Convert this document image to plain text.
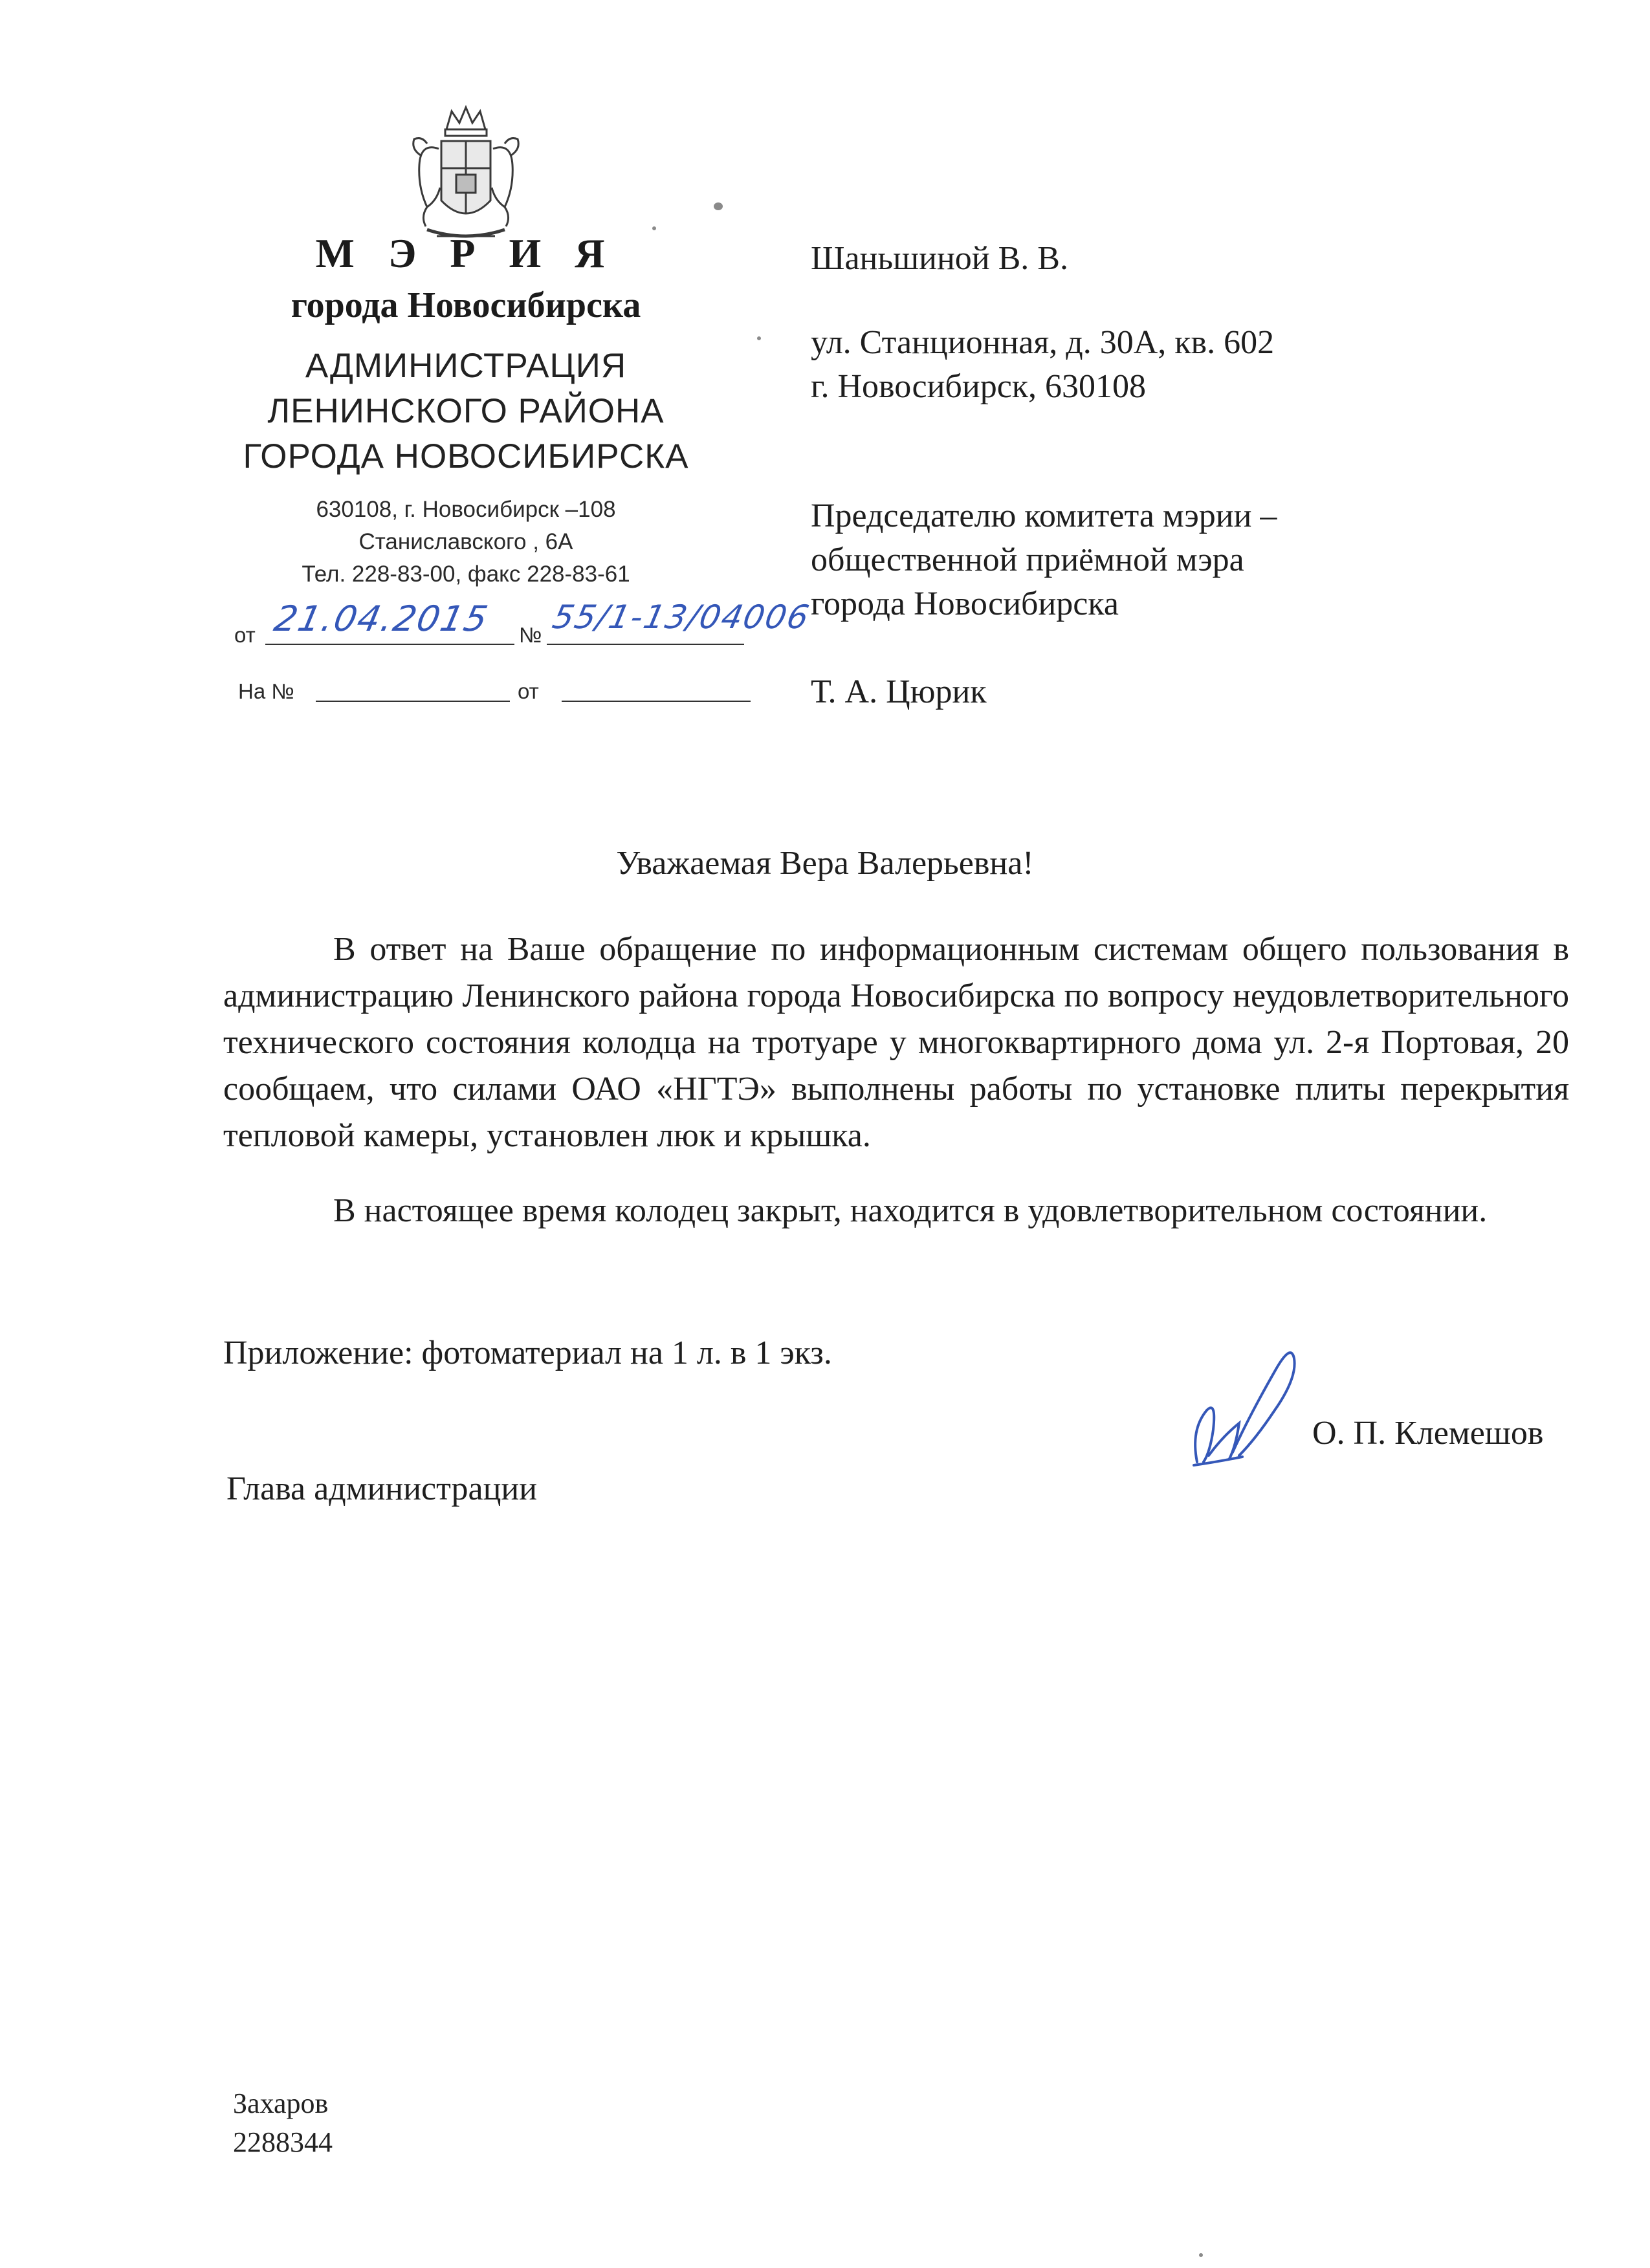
М Э Р И Я
города Новосибирска
АДМИНИСТРАЦИЯ
ЛЕНИНСКОГО РАЙОНА
ГОРОДА НОВОСИБИРСКА
630108, г. Новосибирск –108
Станиславского , 6А
Тел. 228-83-00, факс 228-83-61
от 21.04.2015 № 55/1-13/04006
На №	от
Шаньшиной В. В.
ул. Станционная, д. 30А, кв. 602
г. Новосибирск, 630108
Председателю комитета мэрии –
общественной приёмной мэра
города Новосибирска
Т. А. Цюрик
Уважаемая Вера Валерьевна!
В ответ на Ваше обращение по информационным системам общего пользования в администрацию Ленинского района города Новосибирска по вопросу неудовлетворительного технического состояния колодца на тротуаре у многоквартирного дома ул. 2-я Портовая, 20 сообщаем, что силами ОАО «НГТЭ» выполнены работы по установке плиты перекрытия тепловой камеры, установлен люк и крышка.
В настоящее время колодец закрыт, находится в удовлетворительном состоянии.
Приложение: фотоматериал на 1 л. в 1 экз.
О. П. Клемешов
Глава администрации
Захаров
2288344
